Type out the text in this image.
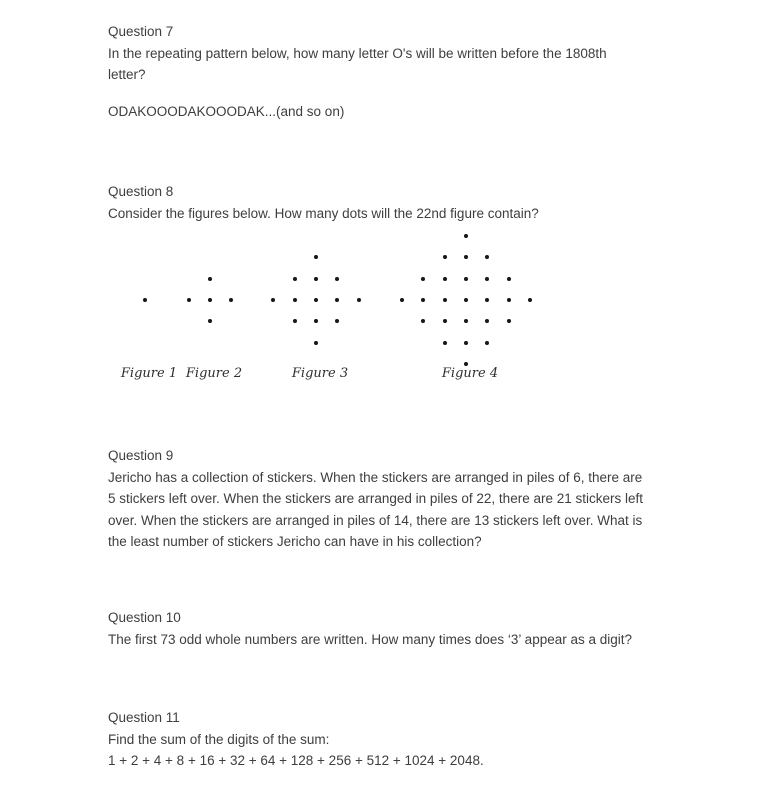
Question 7
In the repeating pattern below, how many letter O's will be written before the 1808th
letter?
ODAKOOODAKOOODAK...(and so on)
Question 8
Consider the figures below. How many dots will the 22nd figure contain?
Figure 1 Figure 2	Figure 3	Figure 4
Question 9
Jericho has a collection of stickers. When the stickers are arranged in piles of 6, there are
5 stickers left over. When the stickers are arranged in piles of 22, there are 21 stickers left
over. When the stickers are arranged in piles of 14, there are 13 stickers left over. What is
the least number of stickers Jericho can have in his collection?
Question 10
The first 73 odd whole numbers are written. How many times does ‘3’ appear as a digit?
Question 11
Find the sum of the digits of the sum:
1 + 2 + 4 + 8 + 16 + 32 + 64 + 128 + 256 + 512 + 1024 + 2048.
